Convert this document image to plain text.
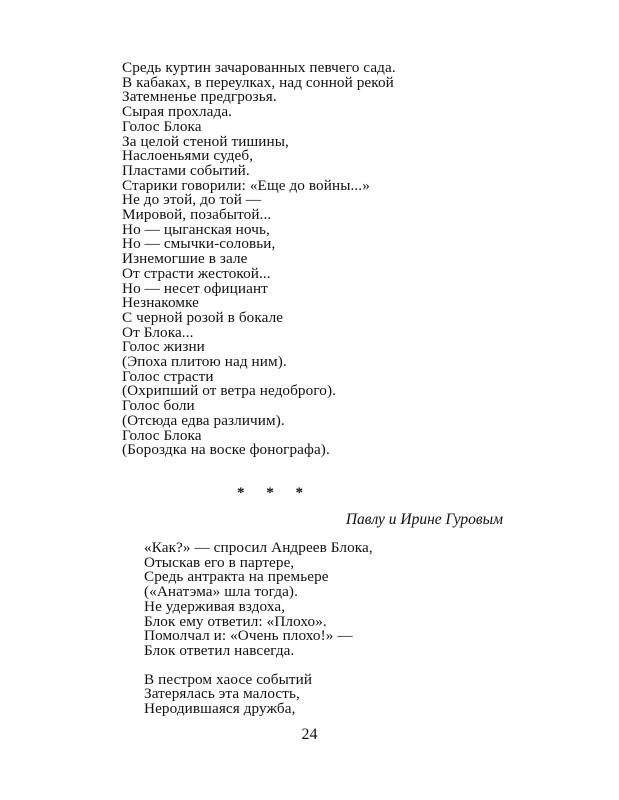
Средь куртин зачарованных певчего сада.
В кабаках, в переулках, над сонной рекой
Затемненье предгрозья.
Сырая прохлада.
Голос Блока
За целой стеной тишины,
Наслоеньями судеб,
Пластами событий.
Старики говорили: «Еще до войны...»
Не до этой, до той —
Мировой, позабытой...
Но — цыганская ночь,
Но — смычки-соловьи,
Изнемогшие в зале
От страсти жестокой...
Но — несет официант
Незнакомке
С черной розой в бокале
От Блока...
Голос жизни
(Эпоха плитою над ним).
Голос страсти
(Охрипший от ветра недоброго).
Голос боли
(Отсюда едва различим).
Голос Блока
(Бороздка на воске фонографа).
* * *
Павлу и Ирине Гуровым
«Как?» — спросил Андреев Блока,
Отыскав его в партере,
Средь антракта на премьере
(«Анатэма» шла тогда).
Не удерживая вздоха,
Блок ему ответил: «Плохо».
Помолчал и: «Очень плохо!» —
Блок ответил навсегда.
В пестром хаосе событий
Затерялась эта малость,
Неродившаяся дружба,
24
